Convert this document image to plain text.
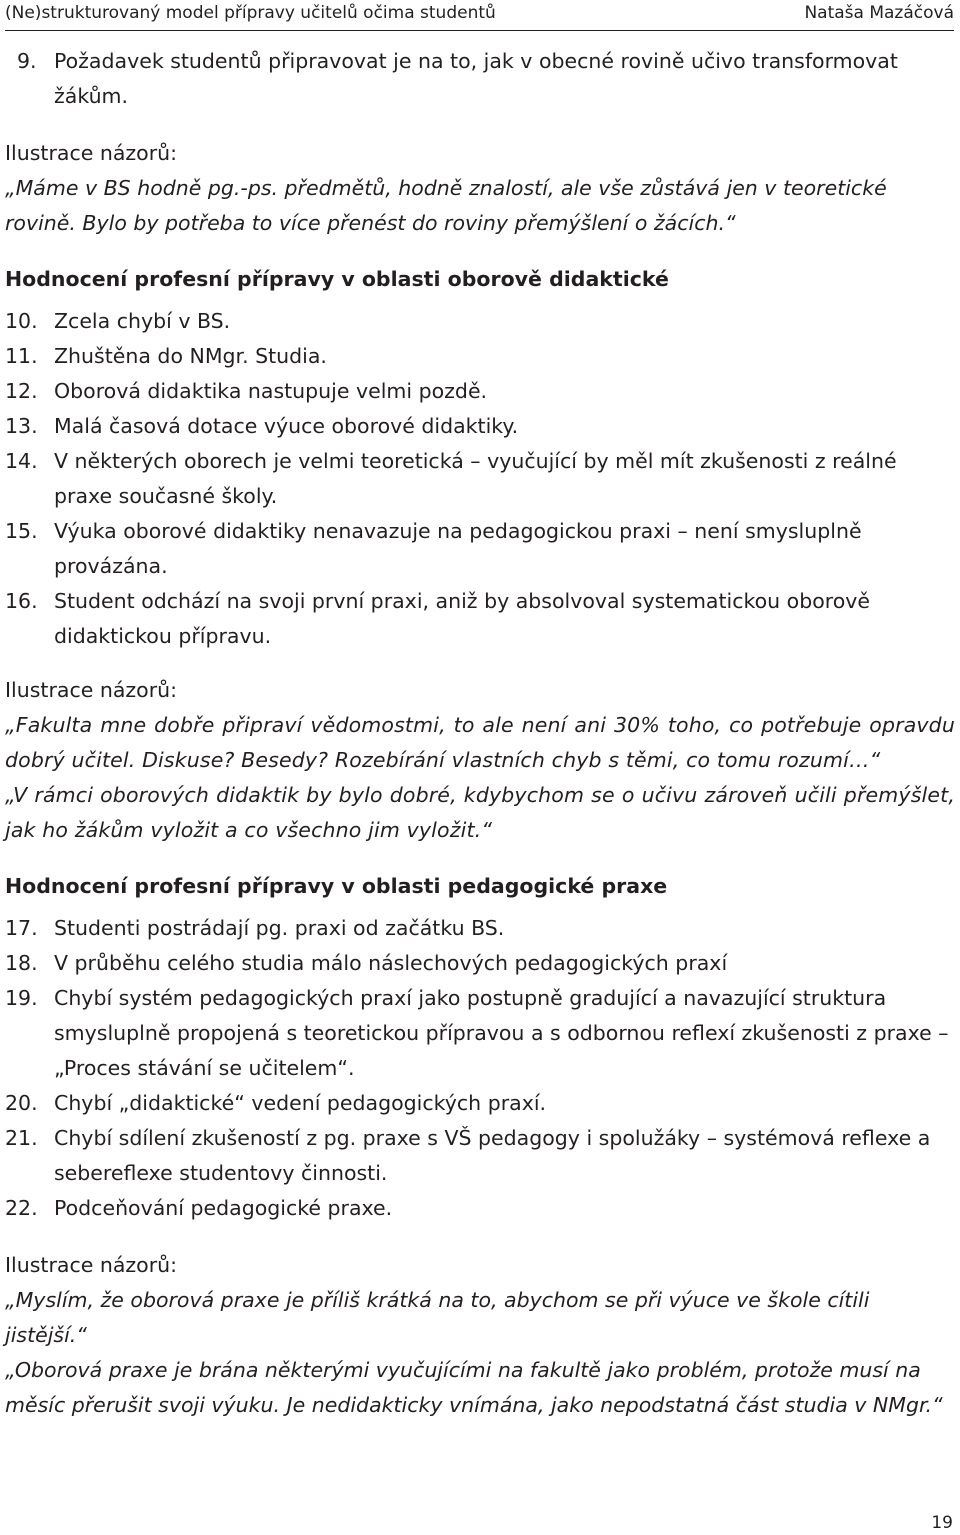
(Ne)strukturovaný model přípravy učitelů očima studentů	Nataša Mazáčová
9. Požadavek studentů připravovat je na to, jak v obecné rovině učivo transformovat žákům.
Ilustrace názorů:
„Máme v BS hodně pg.-ps. předmětů, hodně znalostí, ale vše zůstává jen v teoretické rovině. Bylo by potřeba to více přenést do roviny přemýšlení o žácích.“
Hodnocení profesní přípravy v oblasti oborově didaktické
10. Zcela chybí v BS.
11. Zhuštěna do NMgr. Studia.
12. Oborová didaktika nastupuje velmi pozdě.
13. Malá časová dotace výuce oborové didaktiky.
14. V některých oborech je velmi teoretická – vyučující by měl mít zkušenosti z reálné praxe současné školy.
15. Výuka oborové didaktiky nenavazuje na pedagogickou praxi – není smysluplně provázána.
16. Student odchází na svoji první praxi, aniž by absolvoval systematickou oborově didaktickou přípravu.
Ilustrace názorů:
„Fakulta mne dobře připraví vědomostmi, to ale není ani 30% toho, co potřebuje opravdu dobrý učitel. Diskuse? Besedy? Rozebírání vlastních chyb s těmi, co tomu rozumí…“
„V rámci oborových didaktik by bylo dobré, kdybychom se o učivu zároveň učili přemýšlet, jak ho žákům vyložit a co všechno jim vyložit.“
Hodnocení profesní přípravy v oblasti pedagogické praxe
17. Studenti postrádají pg. praxi od začátku BS.
18. V průběhu celého studia málo náslechových pedagogických praxí
19. Chybí systém pedagogických praxí jako postupně gradující a navazující struktura smysluplně propojená s teoretickou přípravou a s odbornou reflexí zkušenosti z praxe – „Proces stávání se učitelem“.
20. Chybí „didaktické“ vedení pedagogických praxí.
21. Chybí sdílení zkušeností z pg. praxe s VŠ pedagogy i spolužáky – systémová reflexe a sebereflexe studentovy činnosti.
22. Podceňování pedagogické praxe.
Ilustrace názorů:
„Myslím, že oborová praxe je příliš krátká na to, abychom se při výuce ve škole cítili jistější.“
„Oborová praxe je brána některými vyučujícími na fakultě jako problém, protože musí na měsíc přerušit svoji výuku. Je nedidakticky vnímána, jako nepodstatná část studia v NMgr.“
19
